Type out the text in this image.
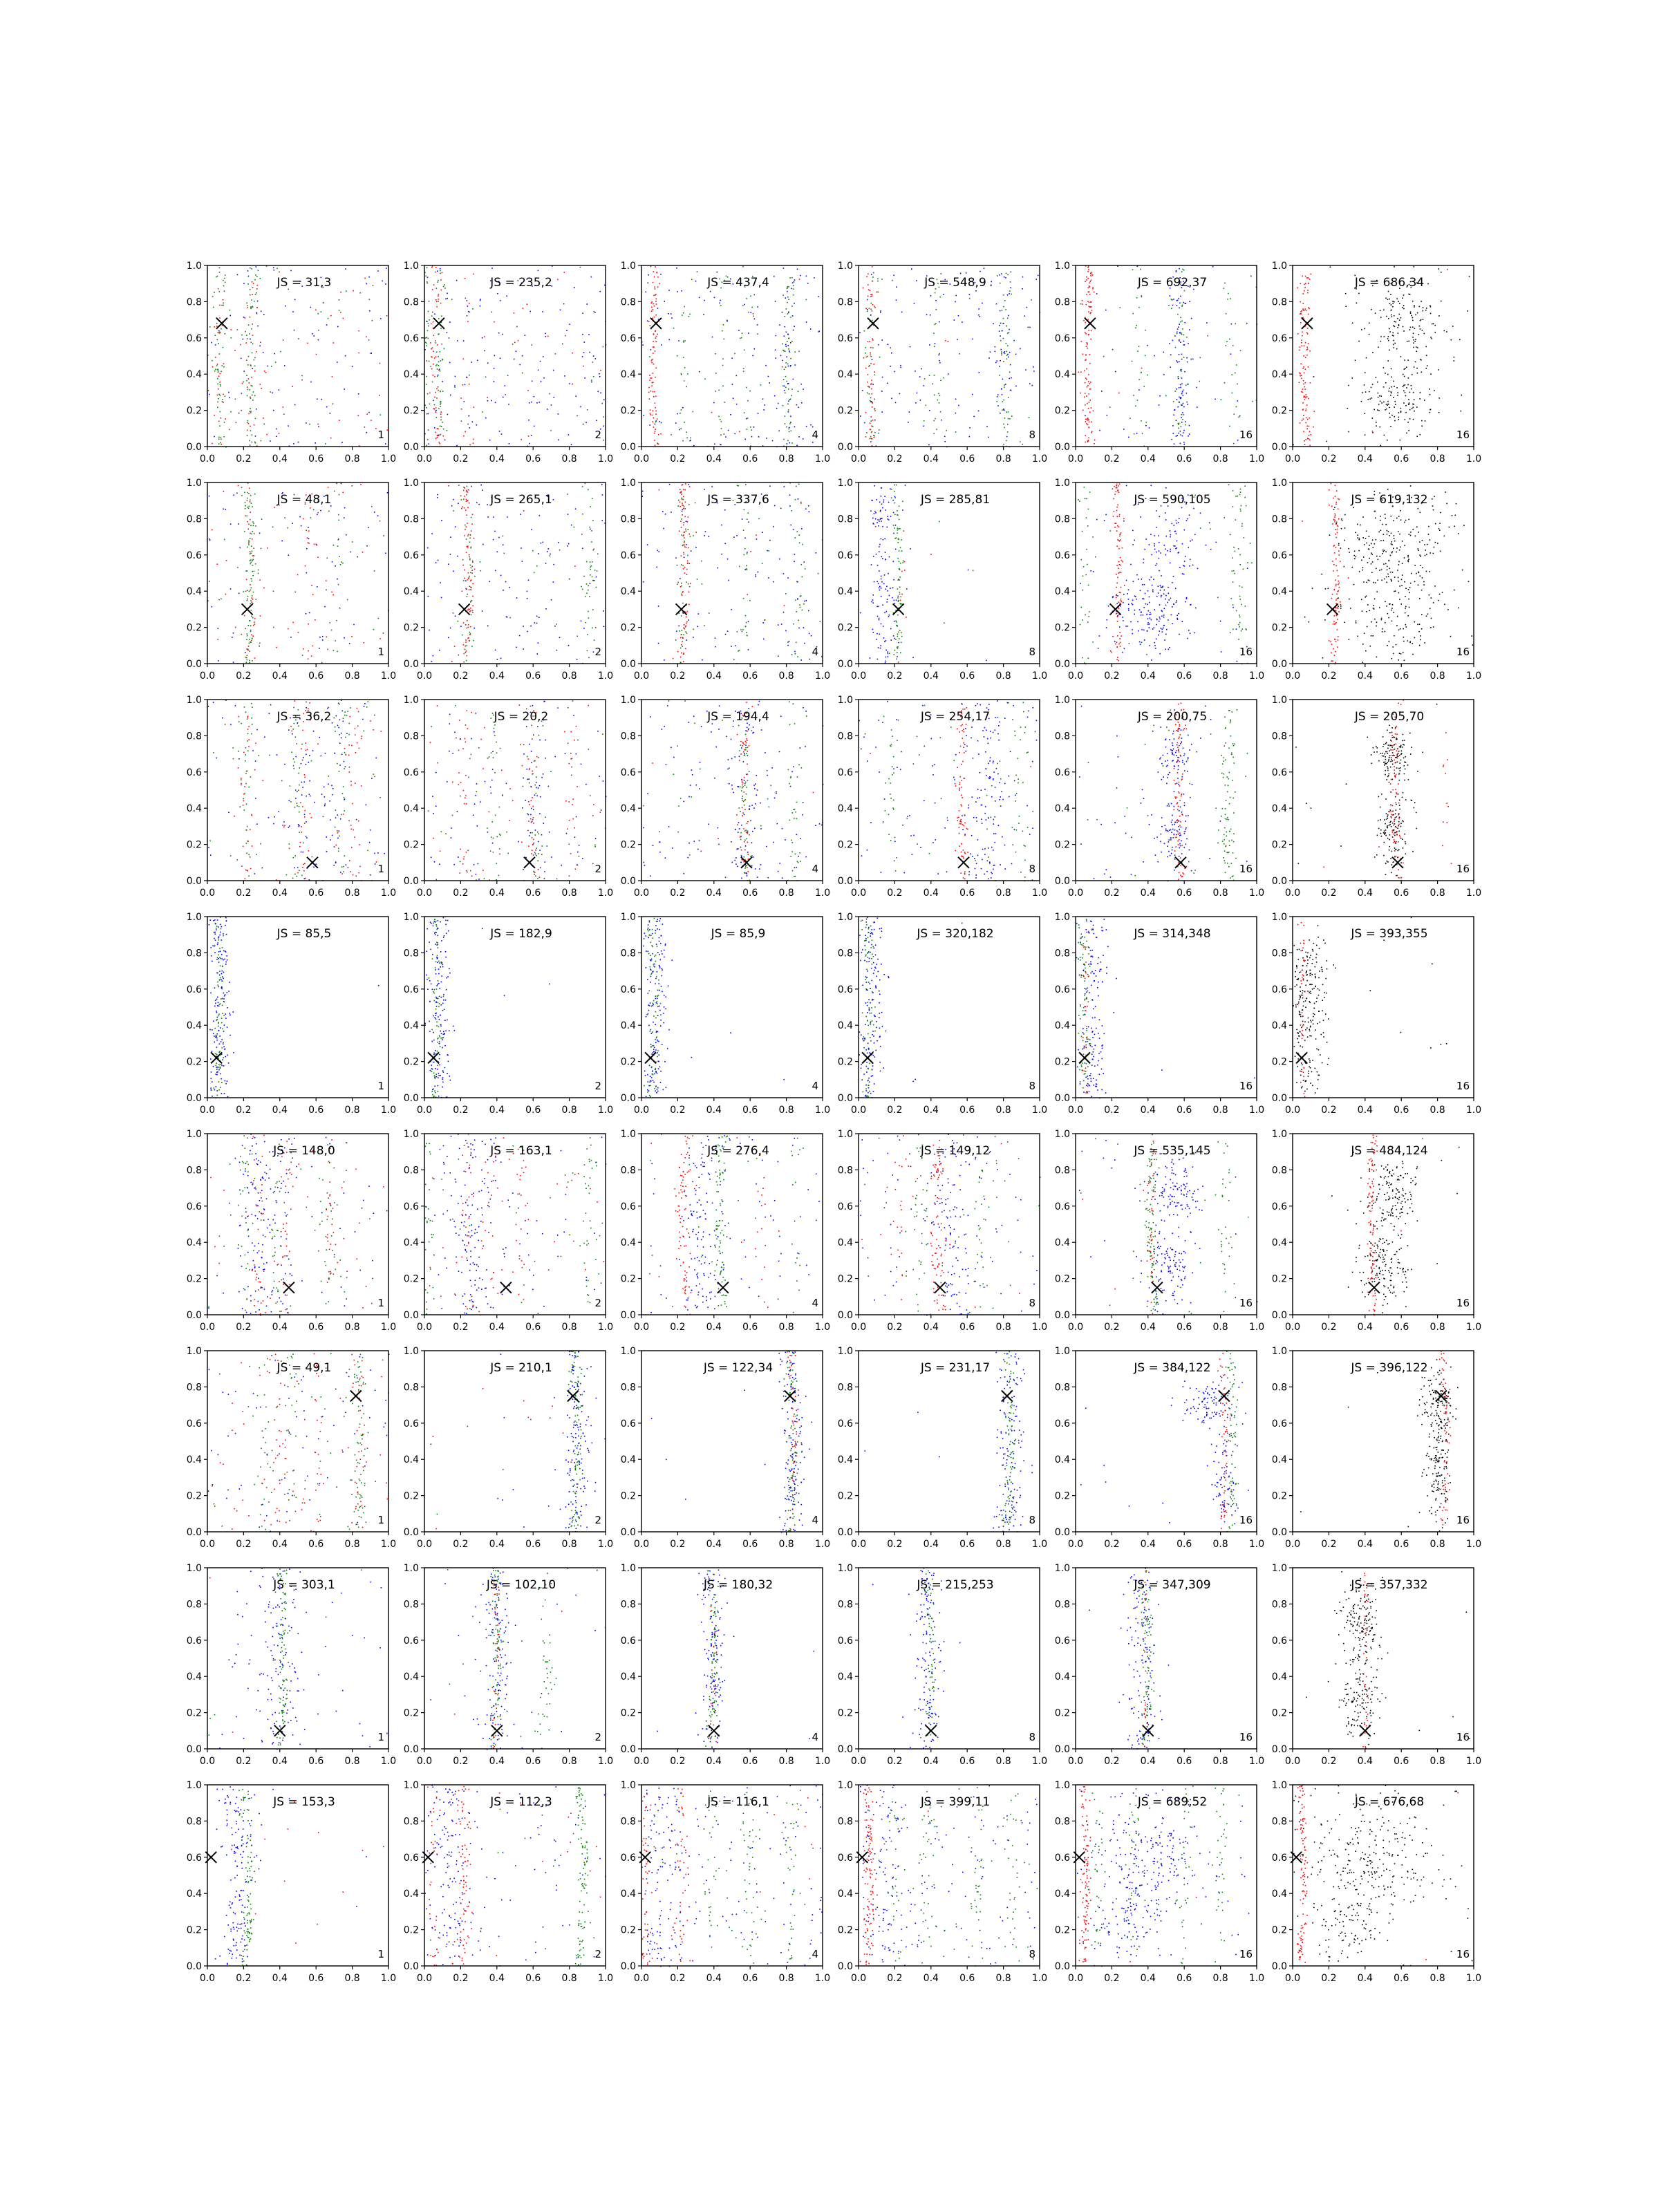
0.0
0.0
0.2
0.2
0.4
0.4
0.6
0.6
0.8
0.8
1.0
1.0
JS = 31,3
1
0.0
0.0
0.2
0.2
0.4
0.4
0.6
0.6
0.8
0.8
1.0
1.0
JS = 235,2
2
0.0
0.0
0.2
0.2
0.4
0.4
0.6
0.6
0.8
0.8
1.0
1.0
JS = 437,4
4
0.0
0.0
0.2
0.2
0.4
0.4
0.6
0.6
0.8
0.8
1.0
1.0
JS = 548,9
8
0.0
0.0
0.2
0.2
0.4
0.4
0.6
0.6
0.8
0.8
1.0
1.0
JS = 692,37
16
0.0
0.0
0.2
0.2
0.4
0.4
0.6
0.6
0.8
0.8
1.0
1.0
JS = 686,34
16
0.0
0.0
0.2
0.2
0.4
0.4
0.6
0.6
0.8
0.8
1.0
1.0
JS = 48,1
1
0.0
0.0
0.2
0.2
0.4
0.4
0.6
0.6
0.8
0.8
1.0
1.0
JS = 265,1
2
0.0
0.0
0.2
0.2
0.4
0.4
0.6
0.6
0.8
0.8
1.0
1.0
JS = 337,6
4
0.0
0.0
0.2
0.2
0.4
0.4
0.6
0.6
0.8
0.8
1.0
1.0
JS = 285,81
8
0.0
0.0
0.2
0.2
0.4
0.4
0.6
0.6
0.8
0.8
1.0
1.0
JS = 590,105
16
0.0
0.0
0.2
0.2
0.4
0.4
0.6
0.6
0.8
0.8
1.0
1.0
JS = 619,132
16
0.0
0.0
0.2
0.2
0.4
0.4
0.6
0.6
0.8
0.8
1.0
1.0
JS = 36,2
1
0.0
0.0
0.2
0.2
0.4
0.4
0.6
0.6
0.8
0.8
1.0
1.0
JS = 20,2
2
0.0
0.0
0.2
0.2
0.4
0.4
0.6
0.6
0.8
0.8
1.0
1.0
JS = 194,4
4
0.0
0.0
0.2
0.2
0.4
0.4
0.6
0.6
0.8
0.8
1.0
1.0
JS = 254,17
8
0.0
0.0
0.2
0.2
0.4
0.4
0.6
0.6
0.8
0.8
1.0
1.0
JS = 200,75
16
0.0
0.0
0.2
0.2
0.4
0.4
0.6
0.6
0.8
0.8
1.0
1.0
JS = 205,70
16
0.0
0.0
0.2
0.2
0.4
0.4
0.6
0.6
0.8
0.8
1.0
1.0
JS = 85,5
1
0.0
0.0
0.2
0.2
0.4
0.4
0.6
0.6
0.8
0.8
1.0
1.0
JS = 182,9
2
0.0
0.0
0.2
0.2
0.4
0.4
0.6
0.6
0.8
0.8
1.0
1.0
JS = 85,9
4
0.0
0.0
0.2
0.2
0.4
0.4
0.6
0.6
0.8
0.8
1.0
1.0
JS = 320,182
8
0.0
0.0
0.2
0.2
0.4
0.4
0.6
0.6
0.8
0.8
1.0
1.0
JS = 314,348
16
0.0
0.0
0.2
0.2
0.4
0.4
0.6
0.6
0.8
0.8
1.0
1.0
JS = 393,355
16
0.0
0.0
0.2
0.2
0.4
0.4
0.6
0.6
0.8
0.8
1.0
1.0
JS = 148,0
1
0.0
0.0
0.2
0.2
0.4
0.4
0.6
0.6
0.8
0.8
1.0
1.0
JS = 163,1
2
0.0
0.0
0.2
0.2
0.4
0.4
0.6
0.6
0.8
0.8
1.0
1.0
JS = 276,4
4
0.0
0.0
0.2
0.2
0.4
0.4
0.6
0.6
0.8
0.8
1.0
1.0
JS = 149,12
8
0.0
0.0
0.2
0.2
0.4
0.4
0.6
0.6
0.8
0.8
1.0
1.0
JS = 535,145
16
0.0
0.0
0.2
0.2
0.4
0.4
0.6
0.6
0.8
0.8
1.0
1.0
JS = 484,124
16
0.0
0.0
0.2
0.2
0.4
0.4
0.6
0.6
0.8
0.8
1.0
1.0
JS = 49,1
1
0.0
0.0
0.2
0.2
0.4
0.4
0.6
0.6
0.8
0.8
1.0
1.0
JS = 210,1
2
0.0
0.0
0.2
0.2
0.4
0.4
0.6
0.6
0.8
0.8
1.0
1.0
JS = 122,34
4
0.0
0.0
0.2
0.2
0.4
0.4
0.6
0.6
0.8
0.8
1.0
1.0
JS = 231,17
8
0.0
0.0
0.2
0.2
0.4
0.4
0.6
0.6
0.8
0.8
1.0
1.0
JS = 384,122
16
0.0
0.0
0.2
0.2
0.4
0.4
0.6
0.6
0.8
0.8
1.0
1.0
JS = 396,122
16
0.0
0.0
0.2
0.2
0.4
0.4
0.6
0.6
0.8
0.8
1.0
1.0
JS = 303,1
1
0.0
0.0
0.2
0.2
0.4
0.4
0.6
0.6
0.8
0.8
1.0
1.0
JS = 102,10
2
0.0
0.0
0.2
0.2
0.4
0.4
0.6
0.6
0.8
0.8
1.0
1.0
JS = 180,32
4
0.0
0.0
0.2
0.2
0.4
0.4
0.6
0.6
0.8
0.8
1.0
1.0
JS = 215,253
8
0.0
0.0
0.2
0.2
0.4
0.4
0.6
0.6
0.8
0.8
1.0
1.0
JS = 347,309
16
0.0
0.0
0.2
0.2
0.4
0.4
0.6
0.6
0.8
0.8
1.0
1.0
JS = 357,332
16
0.0
0.0
0.2
0.2
0.4
0.4
0.6
0.6
0.8
0.8
1.0
1.0
JS = 153,3
1
0.0
0.0
0.2
0.2
0.4
0.4
0.6
0.6
0.8
0.8
1.0
1.0
JS = 112,3
2
0.0
0.0
0.2
0.2
0.4
0.4
0.6
0.6
0.8
0.8
1.0
1.0
JS = 116,1
4
0.0
0.0
0.2
0.2
0.4
0.4
0.6
0.6
0.8
0.8
1.0
1.0
JS = 399,11
8
0.0
0.0
0.2
0.2
0.4
0.4
0.6
0.6
0.8
0.8
1.0
1.0
JS = 689,52
16
0.0
0.0
0.2
0.2
0.4
0.4
0.6
0.6
0.8
0.8
1.0
1.0
JS = 676,68
16
